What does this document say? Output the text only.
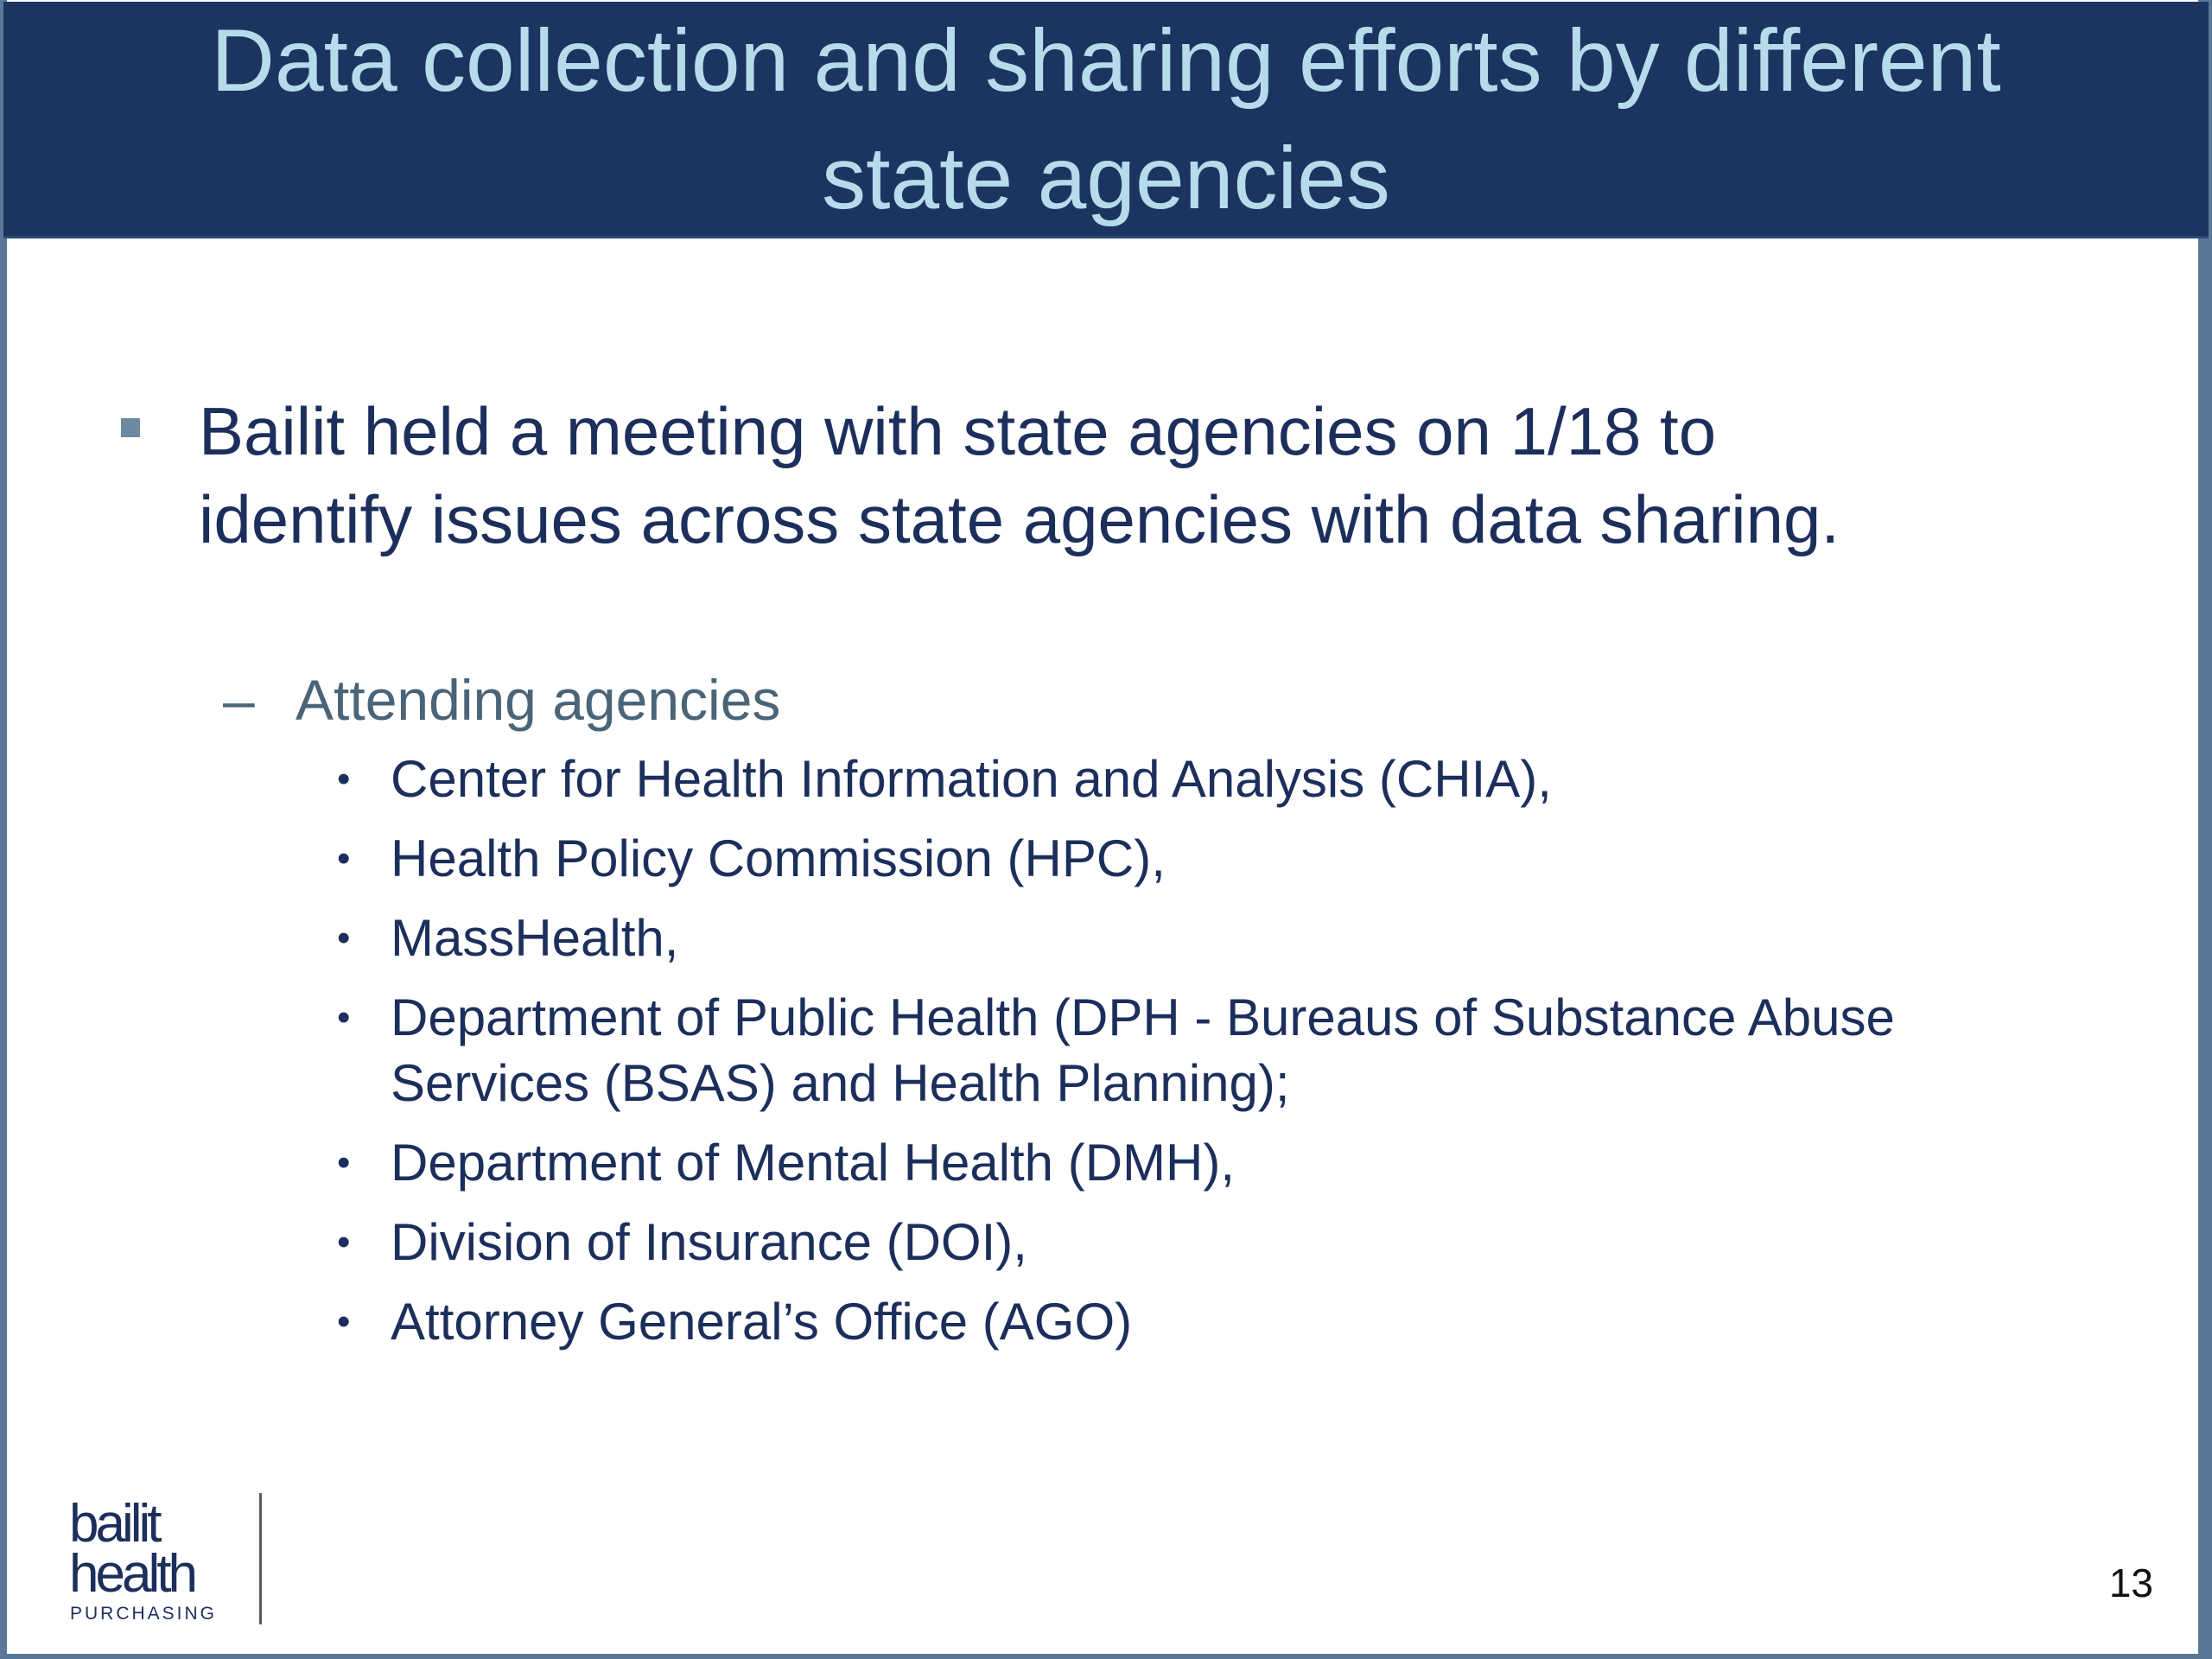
Data collection and sharing efforts by different
state agencies
Bailit held a meeting with state agencies on 1/18 to identify issues across state agencies with data sharing.
– Attending agencies
• Center for Health Information and Analysis (CHIA),
• Health Policy Commission (HPC),
• MassHealth,
• Department of Public Health (DPH - Bureaus of Substance Abuse Services (BSAS) and Health Planning);
• Department of Mental Health (DMH),
• Division of Insurance (DOI),
• Attorney General’s Office (AGO)
bailit
health
PURCHASING
13
